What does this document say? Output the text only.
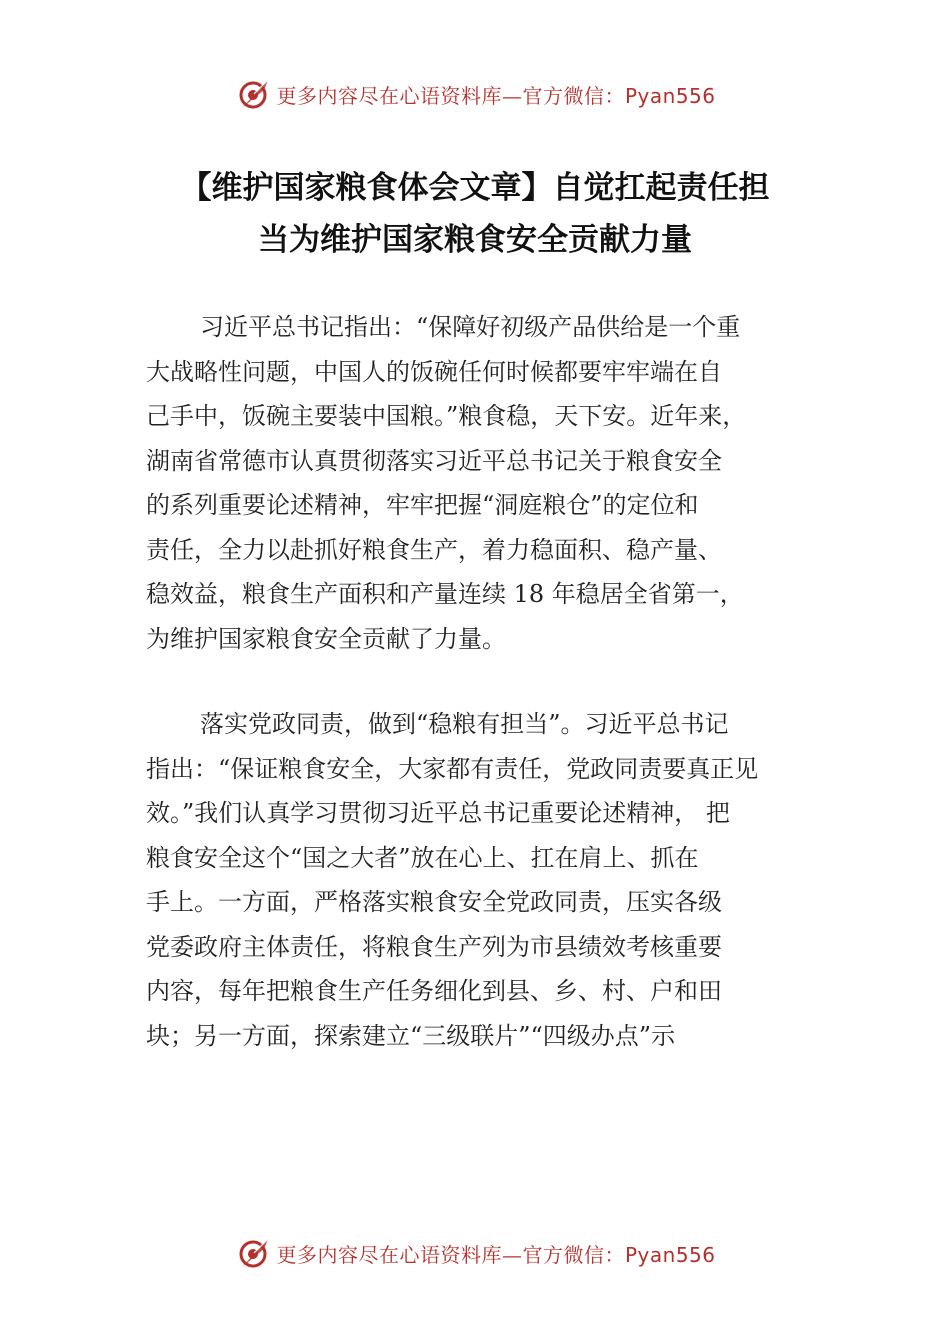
更多内容尽在心语资料库—官方微信：Pyan556
【维护国家粮食体会文章】自觉扛起责任担
当为维护国家粮食安全贡献力量
习近平总书记指出：“保障好初级产品供给是一个重
大战略性问题，中国人的饭碗任何时候都要牢牢端在自
己手中，饭碗主要装中国粮。”粮食稳，天下安。近年来，
湖南省常德市认真贯彻落实习近平总书记关于粮食安全
的系列重要论述精神，牢牢把握“洞庭粮仓”的定位和
责任，全力以赴抓好粮食生产，着力稳面积、稳产量、
稳效益，粮食生产面积和产量连续 18 年稳居全省第一，
为维护国家粮食安全贡献了力量。
落实党政同责，做到“稳粮有担当”。习近平总书记
指出：“保证粮食安全，大家都有责任，党政同责要真正见
效。”我们认真学习贯彻习近平总书记重要论述精神， 把
粮食安全这个“国之大者”放在心上、扛在肩上、抓在
手上。一方面，严格落实粮食安全党政同责，压实各级
党委政府主体责任，将粮食生产列为市县绩效考核重要
内容，每年把粮食生产任务细化到县、乡、村、户和田
块；另一方面，探索建立“三级联片”“四级办点”示
更多内容尽在心语资料库—官方微信：Pyan556
